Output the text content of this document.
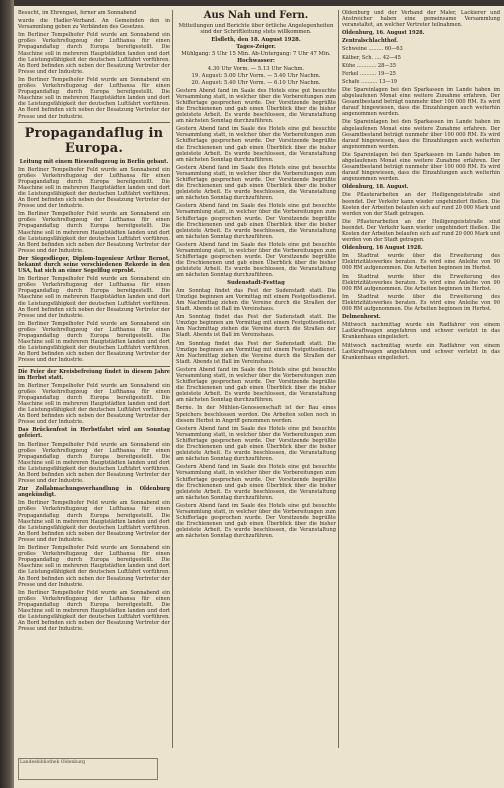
Besucht, im Ehrengast, ferner am Sonnabend

wurde die Hadler-Verband. An Gemeinden den in Versammlung geben zu Verbänden des Gesetzes.

Im Berliner Tempelhofer Feld wurde am Sonnabend ein großes Verkehrsflugzeug der Lufthansa für einen Propagandaflug durch Europa bereitgestellt. Die Maschine soll in mehreren Hauptstädten landen und dort die Leistungsfähigkeit der deutschen Luftfahrt vorführen. An Bord befinden sich neben der Besatzung Vertreter der Presse und der Industrie.

Im Berliner Tempelhofer Feld wurde am Sonnabend ein großes Verkehrsflugzeug der Lufthansa für einen Propagandaflug durch Europa bereitgestellt. Die Maschine soll in mehreren Hauptstädten landen und dort die Leistungsfähigkeit der deutschen Luftfahrt vorführen. An Bord befinden sich neben der Besatzung Vertreter der Presse und der Industrie.

Propagandaflug in Europa.
Leitung mit einem Riesenflugzeug in Berlin gebaut.

Im Berliner Tempelhofer Feld wurde am Sonnabend ein großes Verkehrsflugzeug der Lufthansa für einen Propagandaflug durch Europa bereitgestellt. Die Maschine soll in mehreren Hauptstädten landen und dort die Leistungsfähigkeit der deutschen Luftfahrt vorführen. An Bord befinden sich neben der Besatzung Vertreter der Presse und der Industrie.

Im Berliner Tempelhofer Feld wurde am Sonnabend ein großes Verkehrsflugzeug der Lufthansa für einen Propagandaflug durch Europa bereitgestellt. Die Maschine soll in mehreren Hauptstädten landen und dort die Leistungsfähigkeit der deutschen Luftfahrt vorführen. An Bord befinden sich neben der Besatzung Vertreter der Presse und der Industrie.

Der Siegesflieger, Diplom-Ingenieur Arthur Bernot, bekannt durch seine verschiedenen Rekorde in den USA, hat sich an einer Segelflug erprobt.

Im Berliner Tempelhofer Feld wurde am Sonnabend ein großes Verkehrsflugzeug der Lufthansa für einen Propagandaflug durch Europa bereitgestellt. Die Maschine soll in mehreren Hauptstädten landen und dort die Leistungsfähigkeit der deutschen Luftfahrt vorführen. An Bord befinden sich neben der Besatzung Vertreter der Presse und der Industrie.

Im Berliner Tempelhofer Feld wurde am Sonnabend ein großes Verkehrsflugzeug der Lufthansa für einen Propagandaflug durch Europa bereitgestellt. Die Maschine soll in mehreren Hauptstädten landen und dort die Leistungsfähigkeit der deutschen Luftfahrt vorführen. An Bord befinden sich neben der Besatzung Vertreter der Presse und der Industrie.

Die Feier der Kreisbefreiung findet in diesem Jahre im Herbst statt.

Im Berliner Tempelhofer Feld wurde am Sonnabend ein großes Verkehrsflugzeug der Lufthansa für einen Propagandaflug durch Europa bereitgestellt. Die Maschine soll in mehreren Hauptstädten landen und dort die Leistungsfähigkeit der deutschen Luftfahrt vorführen. An Bord befinden sich neben der Besatzung Vertreter der Presse und der Industrie.

Das Brückenfest in Herbstfahrt wird am Sonntag gefeiert.

Im Berliner Tempelhofer Feld wurde am Sonnabend ein großes Verkehrsflugzeug der Lufthansa für einen Propagandaflug durch Europa bereitgestellt. Die Maschine soll in mehreren Hauptstädten landen und dort die Leistungsfähigkeit der deutschen Luftfahrt vorführen. An Bord befinden sich neben der Besatzung Vertreter der Presse und der Industrie.

Zur Zollabmachungsverhandlung in Oldenburg angekündigt.

Im Berliner Tempelhofer Feld wurde am Sonnabend ein großes Verkehrsflugzeug der Lufthansa für einen Propagandaflug durch Europa bereitgestellt. Die Maschine soll in mehreren Hauptstädten landen und dort die Leistungsfähigkeit der deutschen Luftfahrt vorführen. An Bord befinden sich neben der Besatzung Vertreter der Presse und der Industrie.

Im Berliner Tempelhofer Feld wurde am Sonnabend ein großes Verkehrsflugzeug der Lufthansa für einen Propagandaflug durch Europa bereitgestellt. Die Maschine soll in mehreren Hauptstädten landen und dort die Leistungsfähigkeit der deutschen Luftfahrt vorführen. An Bord befinden sich neben der Besatzung Vertreter der Presse und der Industrie.

Im Berliner Tempelhofer Feld wurde am Sonnabend ein großes Verkehrsflugzeug der Lufthansa für einen Propagandaflug durch Europa bereitgestellt. Die Maschine soll in mehreren Hauptstädten landen und dort die Leistungsfähigkeit der deutschen Luftfahrt vorführen. An Bord befinden sich neben der Besatzung Vertreter der Presse und der Industrie.

Aus Nah und Fern.
Mitteilungen und Berichte über örtliche Angelegenheiten sind der Schriftleitung stets willkommen.
Elsfleth, den 18. August 1928.
Tages-Zeiger.
Mühlgang: 5 Uhr 15 Min. Ab-Untergang: 7 Uhr 47 Min.
Hochwasser:
4.30 Uhr Vorm. — 5.13 Uhr Nachm.
19. August: 5.00 Uhr Vorm. — 5.40 Uhr Nachm.
20. August: 5.40 Uhr Vorm. — 6.10 Uhr Nachm.

Gestern Abend fand im Saale des Hotels eine gut besuchte Versammlung statt, in welcher über die Vorbereitungen zum Schiffertage gesprochen wurde. Der Vorsitzende begrüßte die Erschienenen und gab einen Überblick über die bisher geleistete Arbeit. Es wurde beschlossen, die Veranstaltung am nächsten Sonntag durchzuführen.

Gestern Abend fand im Saale des Hotels eine gut besuchte Versammlung statt, in welcher über die Vorbereitungen zum Schiffertage gesprochen wurde. Der Vorsitzende begrüßte die Erschienenen und gab einen Überblick über die bisher geleistete Arbeit. Es wurde beschlossen, die Veranstaltung am nächsten Sonntag durchzuführen.

Gestern Abend fand im Saale des Hotels eine gut besuchte Versammlung statt, in welcher über die Vorbereitungen zum Schiffertage gesprochen wurde. Der Vorsitzende begrüßte die Erschienenen und gab einen Überblick über die bisher geleistete Arbeit. Es wurde beschlossen, die Veranstaltung am nächsten Sonntag durchzuführen.

Gestern Abend fand im Saale des Hotels eine gut besuchte Versammlung statt, in welcher über die Vorbereitungen zum Schiffertage gesprochen wurde. Der Vorsitzende begrüßte die Erschienenen und gab einen Überblick über die bisher geleistete Arbeit. Es wurde beschlossen, die Veranstaltung am nächsten Sonntag durchzuführen.

Gestern Abend fand im Saale des Hotels eine gut besuchte Versammlung statt, in welcher über die Vorbereitungen zum Schiffertage gesprochen wurde. Der Vorsitzende begrüßte die Erschienenen und gab einen Überblick über die bisher geleistete Arbeit. Es wurde beschlossen, die Veranstaltung am nächsten Sonntag durchzuführen.

Sudenstadt-Festtag

Am Sonntag findet das Fest der Sudenstadt statt. Die Umzüge beginnen am Vormittag mit einem Festgottesdienst. Am Nachmittag ziehen die Vereine durch die Straßen der Stadt. Abends ist Ball im Vereinshaus.

Am Sonntag findet das Fest der Sudenstadt statt. Die Umzüge beginnen am Vormittag mit einem Festgottesdienst. Am Nachmittag ziehen die Vereine durch die Straßen der Stadt. Abends ist Ball im Vereinshaus.

Am Sonntag findet das Fest der Sudenstadt statt. Die Umzüge beginnen am Vormittag mit einem Festgottesdienst. Am Nachmittag ziehen die Vereine durch die Straßen der Stadt. Abends ist Ball im Vereinshaus.

Gestern Abend fand im Saale des Hotels eine gut besuchte Versammlung statt, in welcher über die Vorbereitungen zum Schiffertage gesprochen wurde. Der Vorsitzende begrüßte die Erschienenen und gab einen Überblick über die bisher geleistete Arbeit. Es wurde beschlossen, die Veranstaltung am nächsten Sonntag durchzuführen.

Berne. In der Mühlen-Genossenschaft ist der Bau eines Speichers beschlossen worden. Die Arbeiten sollen noch in diesem Herbst in Angriff genommen werden.

Gestern Abend fand im Saale des Hotels eine gut besuchte Versammlung statt, in welcher über die Vorbereitungen zum Schiffertage gesprochen wurde. Der Vorsitzende begrüßte die Erschienenen und gab einen Überblick über die bisher geleistete Arbeit. Es wurde beschlossen, die Veranstaltung am nächsten Sonntag durchzuführen.

Gestern Abend fand im Saale des Hotels eine gut besuchte Versammlung statt, in welcher über die Vorbereitungen zum Schiffertage gesprochen wurde. Der Vorsitzende begrüßte die Erschienenen und gab einen Überblick über die bisher geleistete Arbeit. Es wurde beschlossen, die Veranstaltung am nächsten Sonntag durchzuführen.

Gestern Abend fand im Saale des Hotels eine gut besuchte Versammlung statt, in welcher über die Vorbereitungen zum Schiffertage gesprochen wurde. Der Vorsitzende begrüßte die Erschienenen und gab einen Überblick über die bisher geleistete Arbeit. Es wurde beschlossen, die Veranstaltung am nächsten Sonntag durchzuführen.

Oldenburg und der Verband der Maler, Lackierer und Anstreicher haben eine gemeinsame Versammlung veranstaltet, an welcher Vertreter teilnahmen.

Oldenburg, 16. August 1928.

Zentralschlachthof.

Schweine ......... 60—63

Kälber, Sch. .... 42—45

Kühe ............ 28—35

Ferkel .......... 19—25

Schafe .......... 13—19

Die Spareinlagen bei den Sparkassen im Lande haben im abgelaufenen Monat eine weitere Zunahme erfahren. Der Gesamtbestand beträgt nunmehr über 100 000 RM. Es wird darauf hingewiesen, dass die Einzahlungen auch weiterhin angenommen werden.

Die Spareinlagen bei den Sparkassen im Lande haben im abgelaufenen Monat eine weitere Zunahme erfahren. Der Gesamtbestand beträgt nunmehr über 100 000 RM. Es wird darauf hingewiesen, dass die Einzahlungen auch weiterhin angenommen werden.

Die Spareinlagen bei den Sparkassen im Lande haben im abgelaufenen Monat eine weitere Zunahme erfahren. Der Gesamtbestand beträgt nunmehr über 100 000 RM. Es wird darauf hingewiesen, dass die Einzahlungen auch weiterhin angenommen werden.

Oldenburg, 18. August.

Die Pflasterarbeiten an der Heiligengeiststraße sind beendet. Der Verkehr kann wieder ungehindert fließen. Die Kosten der Arbeiten belaufen sich auf rund 20 000 Mark und werden von der Stadt getragen.

Die Pflasterarbeiten an der Heiligengeiststraße sind beendet. Der Verkehr kann wieder ungehindert fließen. Die Kosten der Arbeiten belaufen sich auf rund 20 000 Mark und werden von der Stadt getragen.

Oldenburg, 16 August 1928.

Im Stadtrat wurde über die Erweiterung des Elektrizitätswerkes beraten. Es wird eine Anleihe von 90 000 RM aufgenommen. Die Arbeiten beginnen im Herbst.

Im Stadtrat wurde über die Erweiterung des Elektrizitätswerkes beraten. Es wird eine Anleihe von 90 000 RM aufgenommen. Die Arbeiten beginnen im Herbst.

Im Stadtrat wurde über die Erweiterung des Elektrizitätswerkes beraten. Es wird eine Anleihe von 90 000 RM aufgenommen. Die Arbeiten beginnen im Herbst.

Delmenhorst.

Mittwoch nachmittag wurde ein Radfahrer von einem Lastkraftwagen angefahren und schwer verletzt in das Krankenhaus eingeliefert.

Mittwoch nachmittag wurde ein Radfahrer von einem Lastkraftwagen angefahren und schwer verletzt in das Krankenhaus eingeliefert.

Landesbibliothek Oldenburg
